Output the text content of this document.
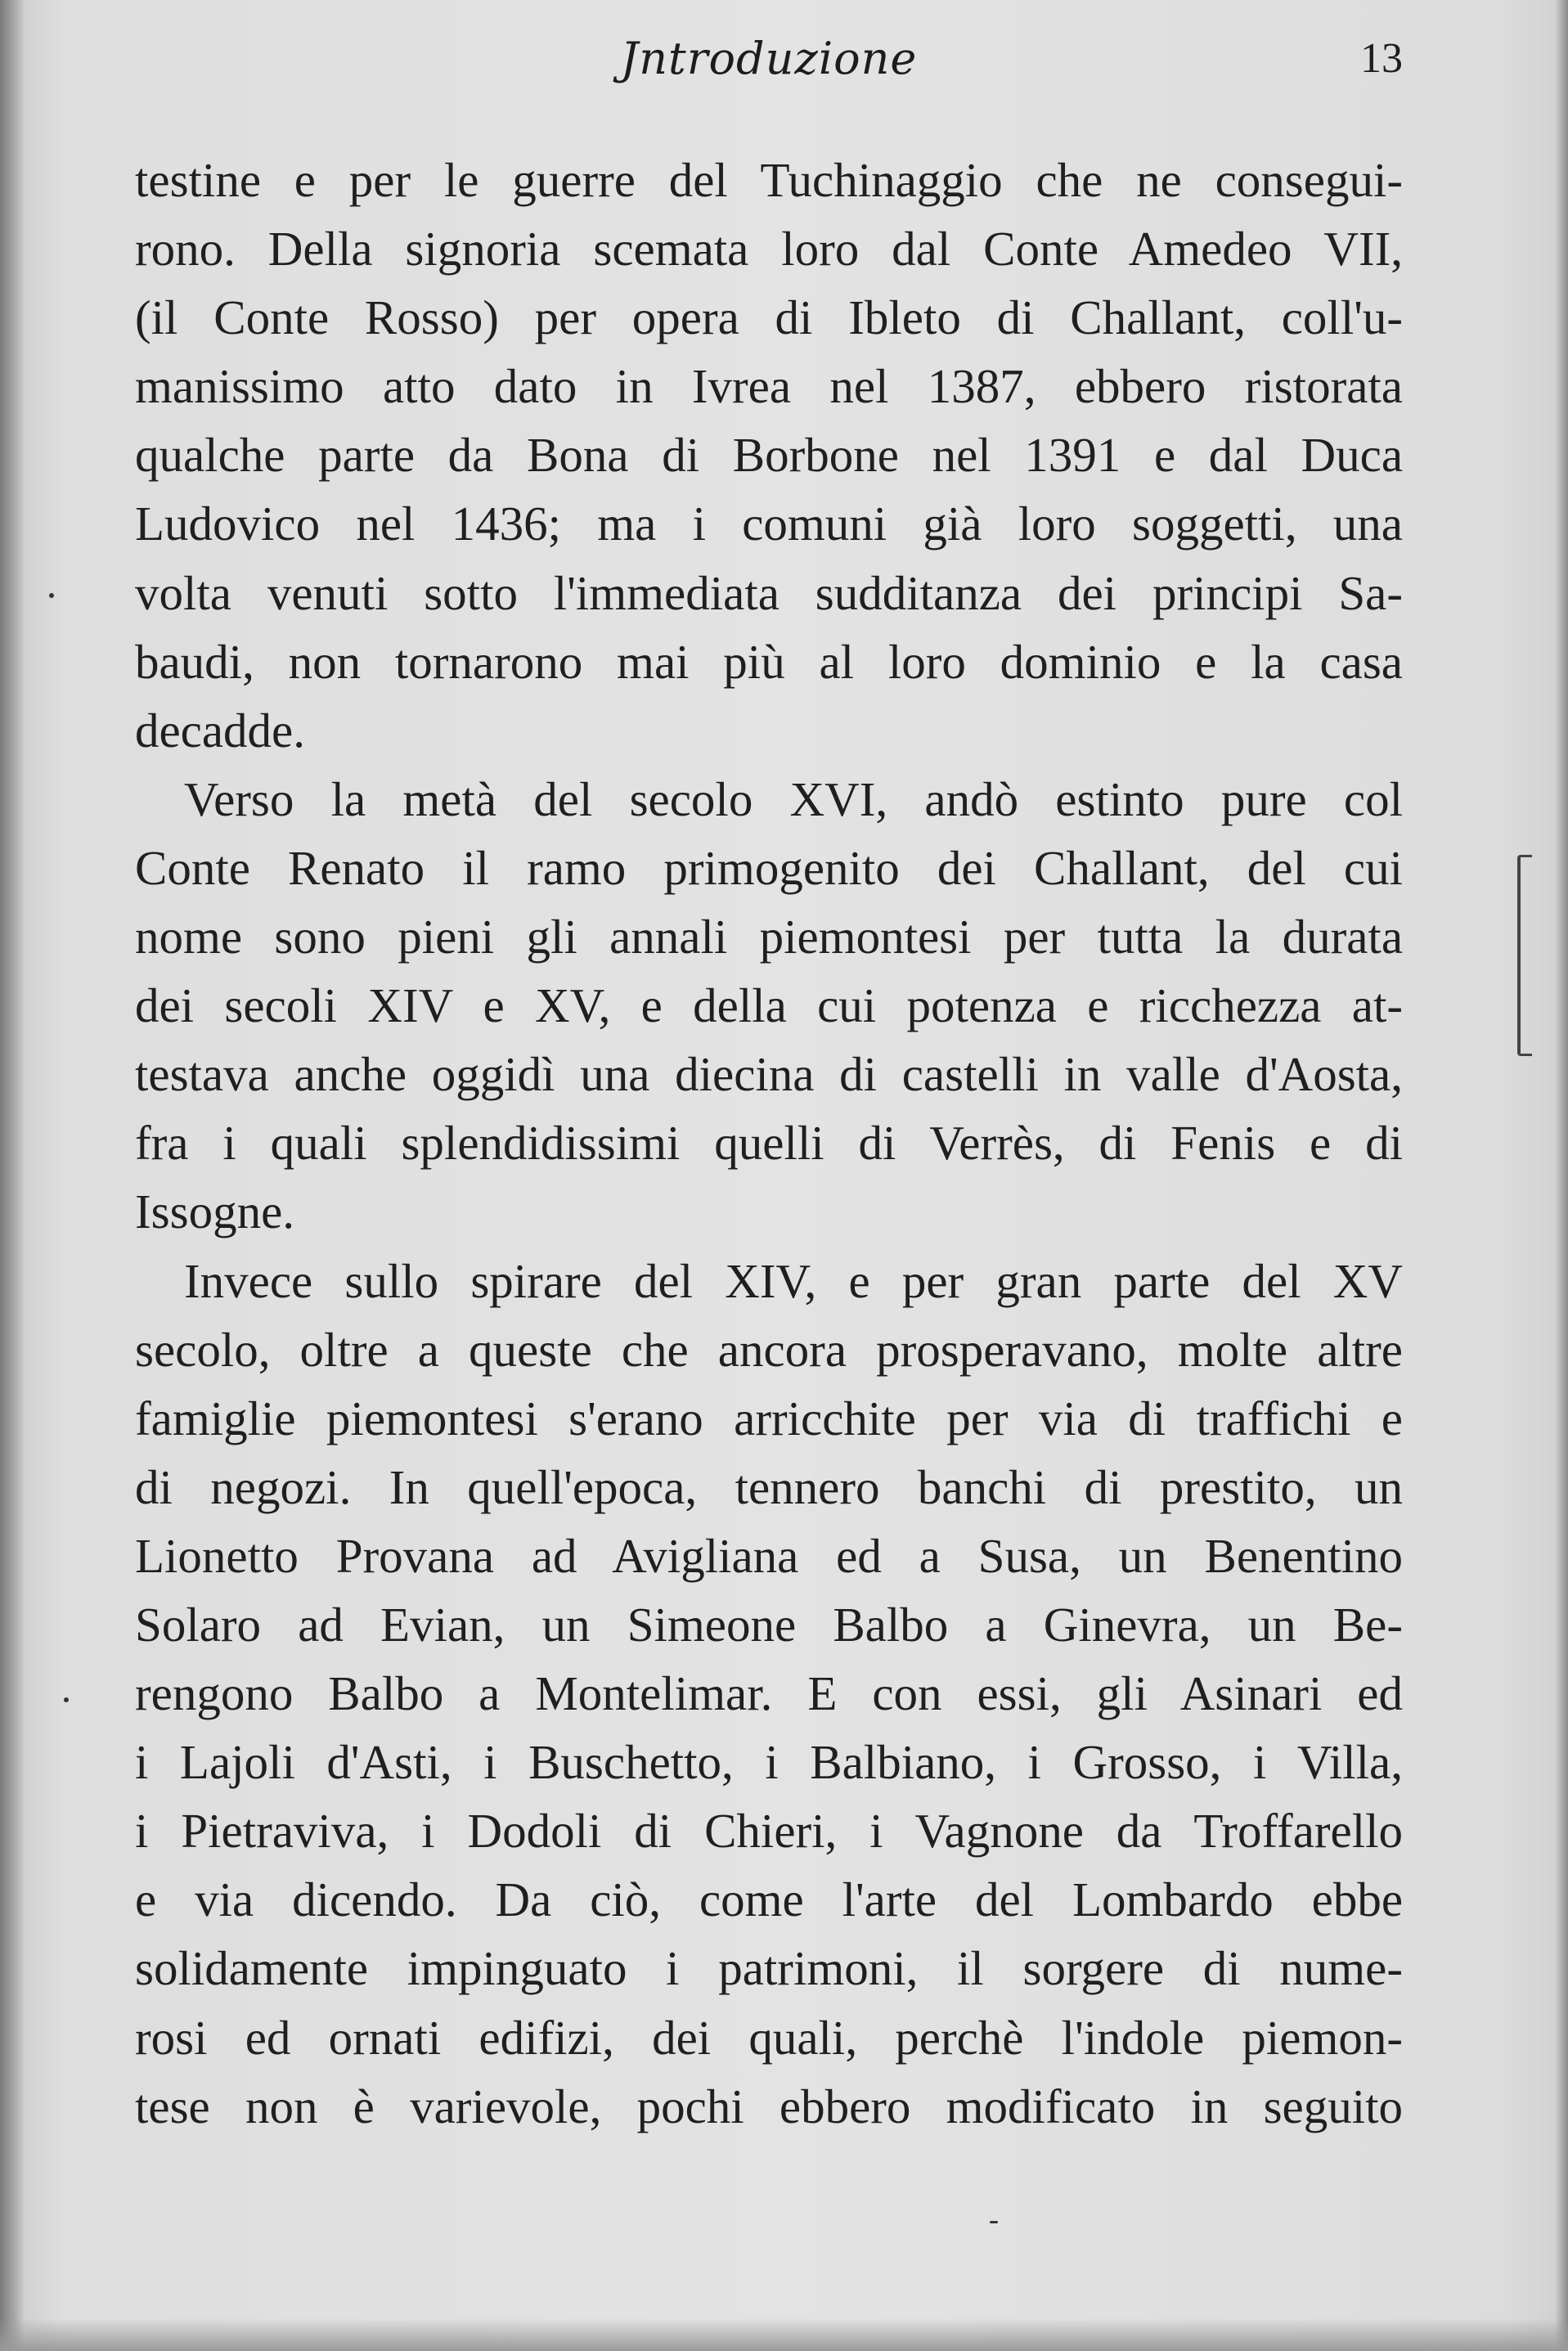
Jntroduzione	13
testine e per le guerre del Tuchinaggio che ne consegui-
rono. Della signoria scemata loro dal Conte Amedeo VII,
(il Conte Rosso) per opera di Ibleto di Challant, coll'u-
manissimo atto dato in Ivrea nel 1387, ebbero ristorata
qualche parte da Bona di Borbone nel 1391 e dal Duca
Ludovico nel 1436; ma i comuni già loro soggetti, una
volta venuti sotto l'immediata sudditanza dei principi Sa-
baudi, non tornarono mai più al loro dominio e la casa
decadde.
Verso la metà del secolo XVI, andò estinto pure col
Conte Renato il ramo primogenito dei Challant, del cui
nome sono pieni gli annali piemontesi per tutta la durata
dei secoli XIV e XV, e della cui potenza e ricchezza at-
testava anche oggidì una diecina di castelli in valle d'Aosta,
fra i quali splendidissimi quelli di Verrès, di Fenis e di
Issogne.
Invece sullo spirare del XIV, e per gran parte del XV
secolo, oltre a queste che ancora prosperavano, molte altre
famiglie piemontesi s'erano arricchite per via di traffichi e
di negozi. In quell'epoca, tennero banchi di prestito, un
Lionetto Provana ad Avigliana ed a Susa, un Benentino
Solaro ad Evian, un Simeone Balbo a Ginevra, un Be-
rengono Balbo a Montelimar. E con essi, gli Asinari ed
i Lajoli d'Asti, i Buschetto, i Balbiano, i Grosso, i Villa,
i Pietraviva, i Dodoli di Chieri, i Vagnone da Troffarello
e via dicendo. Da ciò, come l'arte del Lombardo ebbe
solidamente impinguato i patrimoni, il sorgere di nume-
rosi ed ornati edifizi, dei quali, perchè l'indole piemon-
tese non è varievole, pochi ebbero modificato in seguito
